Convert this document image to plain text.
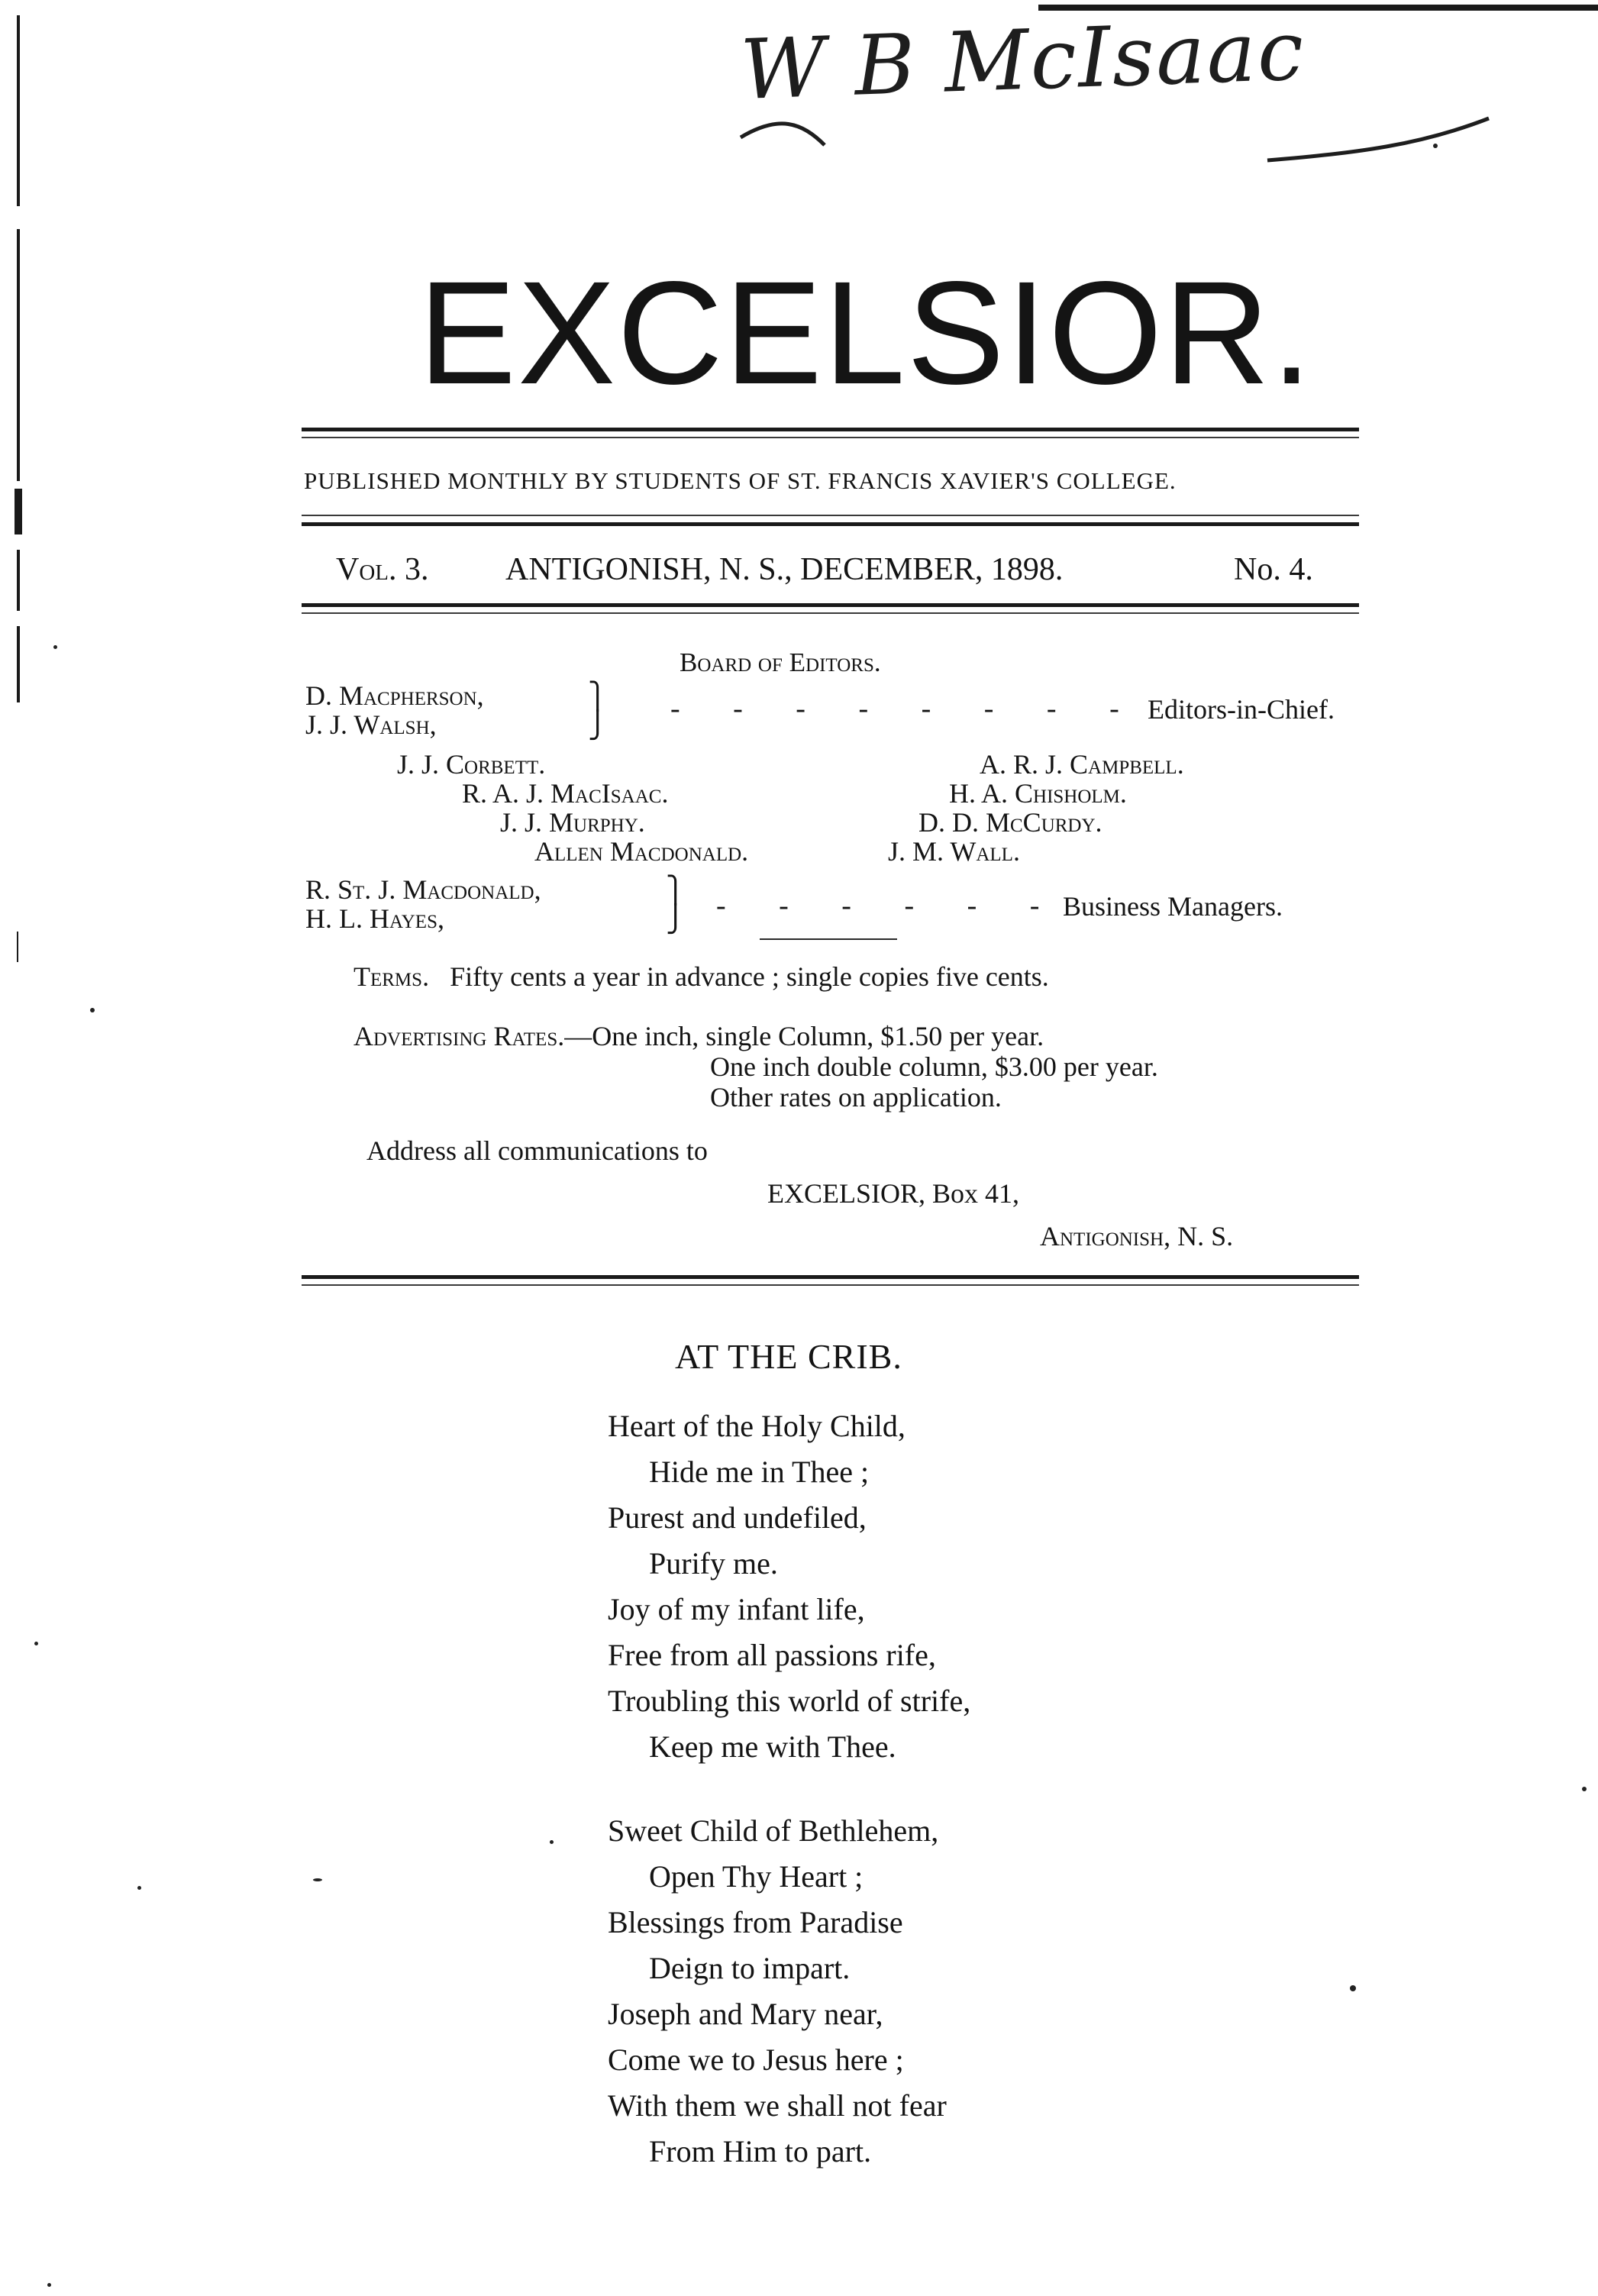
W B McIsaac
EXCELSIOR.
PUBLISHED MONTHLY BY STUDENTS OF ST. FRANCIS XAVIER'S COLLEGE.
Vol. 3. ANTIGONISH, N. S., DECEMBER, 1898.	No. 4.
Board of Editors.
D. Macpherson,
J. J. Walsh,
⎫
⎭
- - - - - - - - Editors-in-Chief.
J. J. Corbett.
R. A. J. MacIsaac.
J. J. Murphy.
Allen Macdonald.
A. R. J. Campbell.
H. A. Chisholm.
D. D. McCurdy.
J. M. Wall.
R. St. J. Macdonald,
H. L. Hayes,
⎫
⎭ - - - - - - Business Managers.
Terms. Fifty cents a year in advance ; single copies five cents.
Advertising Rates.—One inch, single Column, $1.50 per year.
One inch double column, $3.00 per year.
Other rates on application.
Address all communications to
EXCELSIOR, Box 41,
Antigonish, N. S.
AT THE CRIB.
Heart of the Holy Child,
Hide me in Thee ;
Purest and undefiled,
Purify me.
Joy of my infant life,
Free from all passions rife,
Troubling this world of strife,
Keep me with Thee.
Sweet Child of Bethlehem,
Open Thy Heart ;
Blessings from Paradise
Deign to impart.
Joseph and Mary near,
Come we to Jesus here ;
With them we shall not fear
From Him to part.
